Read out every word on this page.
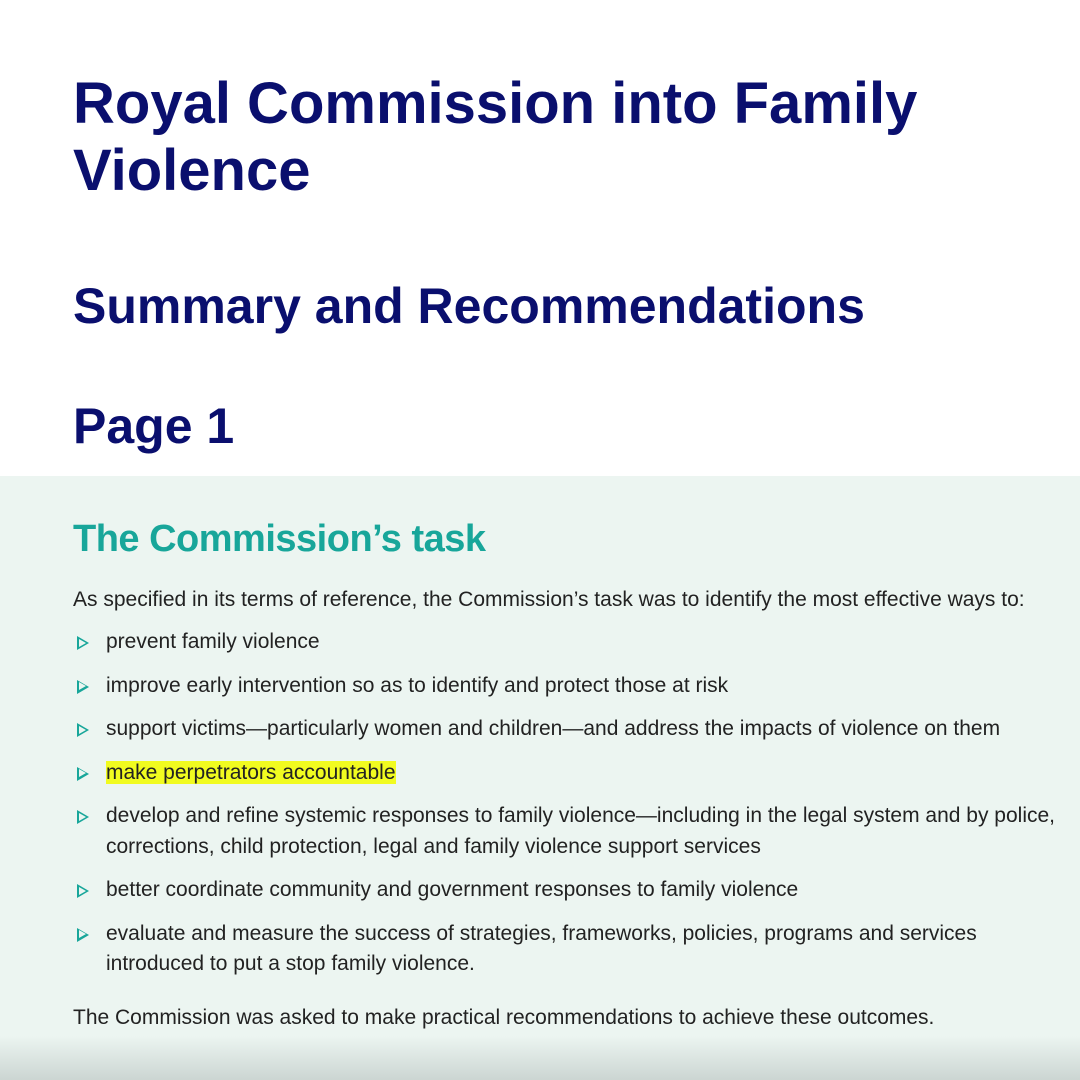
Royal Commission into Family Violence
Summary and Recommendations
Page 1
The Commission’s task

As specified in its terms of reference, the Commission’s task was to identify the most effective ways to:

prevent family violence
improve early intervention so as to identify and protect those at risk
support victims—particularly women and children—and address the impacts of violence on them
make perpetrators accountable
develop and refine systemic responses to family violence—including in the legal system and by police, corrections, child protection, legal and family violence support services
better coordinate community and government responses to family violence
evaluate and measure the success of strategies, frameworks, policies, programs and services introduced to put a stop family violence.

The Commission was asked to make practical recommendations to achieve these outcomes.
